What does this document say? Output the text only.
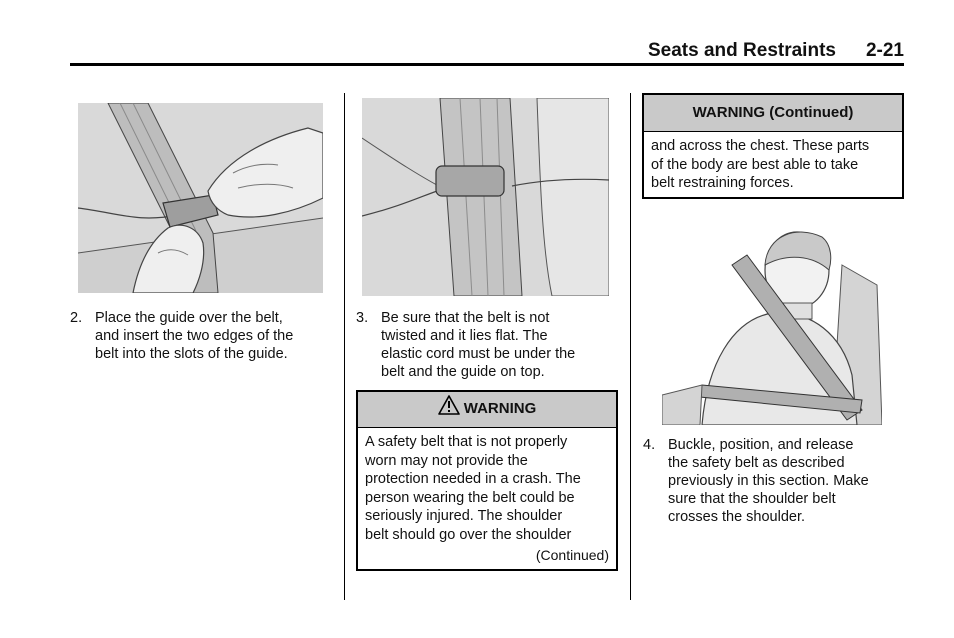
Seats and Restraints 2-21
2. Place the guide over the belt,
and insert the two edges of the
belt into the slots of the guide.
3. Be sure that the belt is not
twisted and it lies flat. The
elastic cord must be under the
belt and the guide on top.
WARNING
A safety belt that is not properly
worn may not provide the
protection needed in a crash. The
person wearing the belt could be
seriously injured. The shoulder
belt should go over the shoulder
(Continued)
WARNING (Continued)
and across the chest. These parts
of the body are best able to take
belt restraining forces.
4. Buckle, position, and release
the safety belt as described
previously in this section. Make
sure that the shoulder belt
crosses the shoulder.
